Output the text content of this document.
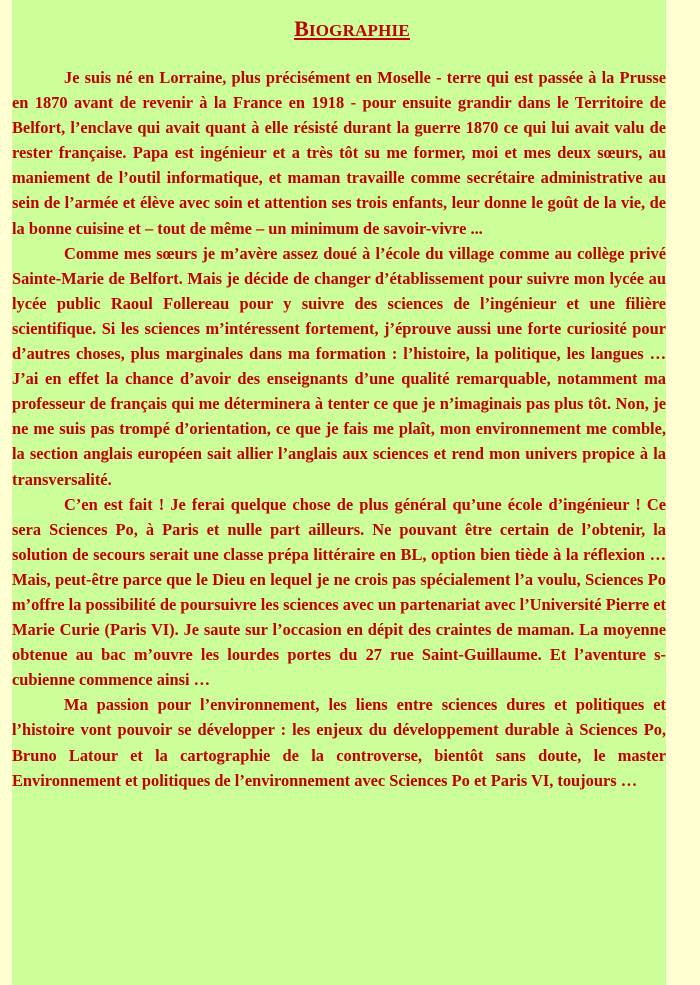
BIOGRAPHIE

Je suis né en Lorraine, plus précisément en Moselle - terre qui est passée à la Prusse en 1870 avant de revenir à la France en 1918 - pour ensuite grandir dans le Territoire de Belfort, l’enclave qui avait quant à elle résisté durant la guerre 1870 ce qui lui avait valu de rester française. Papa est ingénieur et a très tôt su me former, moi et mes deux sœurs, au maniement de l’outil informatique, et maman travaille comme secrétaire administrative au sein de l’armée et élève avec soin et attention ses trois enfants, leur donne le goût de la vie, de la bonne cuisine et – tout de même – un minimum de savoir-vivre ...

Comme mes sœurs je m’avère assez doué à l’école du village comme au collège privé Sainte-Marie de Belfort. Mais je décide de changer d’établissement pour suivre mon lycée au lycée public Raoul Follereau pour y suivre des sciences de l’ingénieur et une filière scientifique. Si les sciences m’intéressent fortement, j’éprouve aussi une forte curiosité pour d’autres choses, plus marginales dans ma formation : l’histoire, la politique, les langues … J’ai en effet la chance d’avoir des enseignants d’une qualité remarquable, notamment ma professeur de français qui me déterminera à tenter ce que je n’imaginais pas plus tôt. Non, je ne me suis pas trompé d’orientation, ce que je fais me plaît, mon environnement me comble, la section anglais européen sait allier l’anglais aux sciences et rend mon univers propice à la transversalité.

C’en est fait ! Je ferai quelque chose de plus général qu’une école d’ingénieur ! Ce sera Sciences Po, à Paris et nulle part ailleurs. Ne pouvant être certain de l’obtenir, la solution de secours serait une classe prépa littéraire en BL, option bien tiède à la réflexion … Mais, peut-être parce que le Dieu en lequel je ne crois pas spécialement l’a voulu, Sciences Po m’offre la possibilité de poursuivre les sciences avec un partenariat avec l’Université Pierre et Marie Curie (Paris VI). Je saute sur l’occasion en dépit des craintes de maman. La moyenne obtenue au bac m’ouvre les lourdes portes du 27 rue Saint-Guillaume. Et l’aventure s-cubienne commence ainsi …

Ma passion pour l’environnement, les liens entre sciences dures et politiques et l’histoire vont pouvoir se développer : les enjeux du développement durable à Sciences Po, Bruno Latour et la cartographie de la controverse, bientôt sans doute, le master Environnement et politiques de l’environnement avec Sciences Po et Paris VI, toujours …
